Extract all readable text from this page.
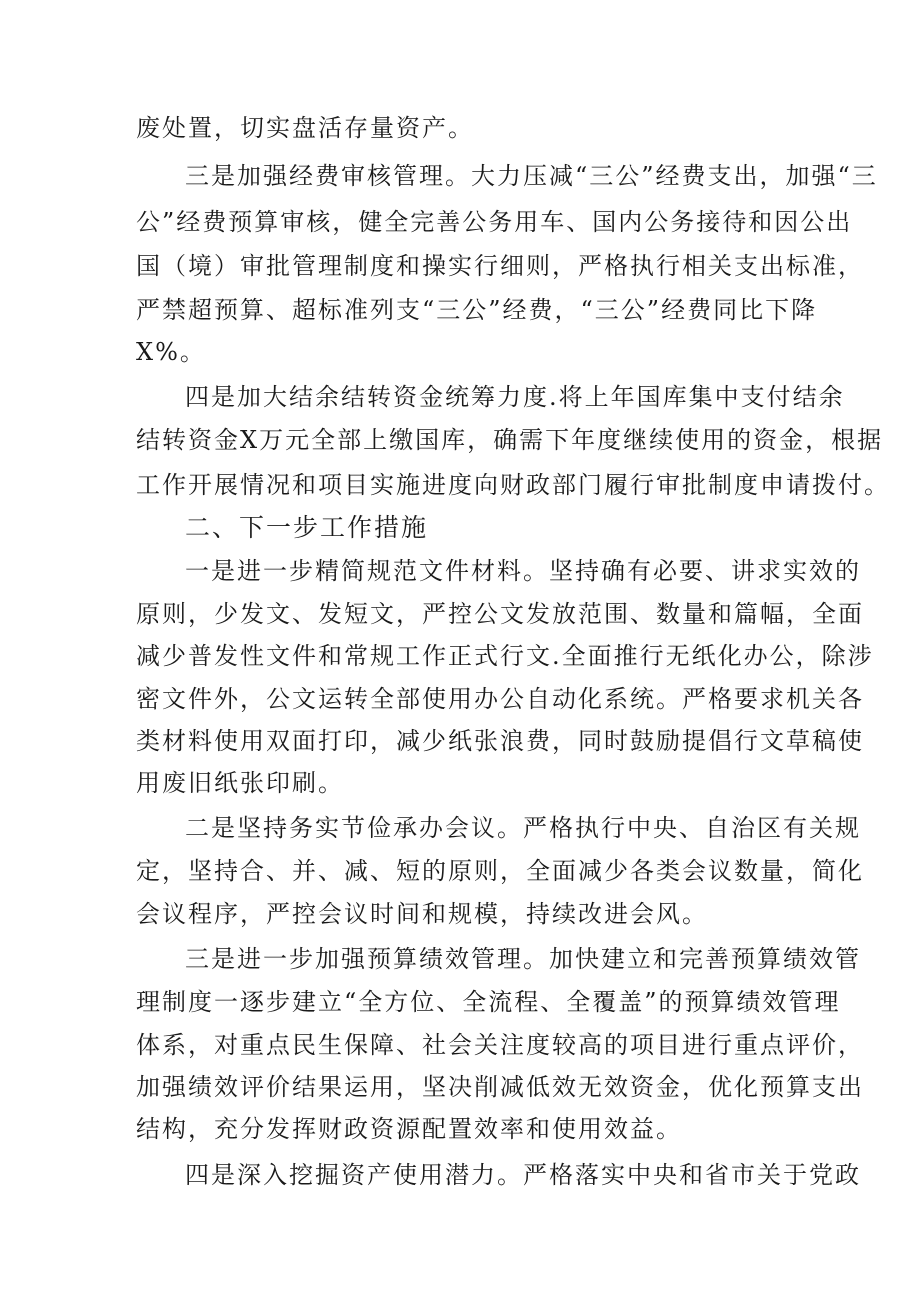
废处置，切实盘活存量资产。
三是加强经费审核管理。大力压减“三公”经费支出，加强“三
公”经费预算审核，健全完善公务用车、国内公务接待和因公出
国（境）审批管理制度和操实行细则，严格执行相关支出标准，
严禁超预算、超标准列支“三公”经费，“三公”经费同比下降
X%。
四是加大结余结转资金统筹力度.将上年国库集中支付结余
结转资金X万元全部上缴国库，确需下年度继续使用的资金，根据
工作开展情况和项目实施进度向财政部门履行审批制度申请拨付。
二、下一步工作措施
一是进一步精简规范文件材料。坚持确有必要、讲求实效的
原则，少发文、发短文，严控公文发放范围、数量和篇幅，全面
减少普发性文件和常规工作正式行文.全面推行无纸化办公，除涉
密文件外，公文运转全部使用办公自动化系统。严格要求机关各
类材料使用双面打印，减少纸张浪费，同时鼓励提倡行文草稿使
用废旧纸张印刷。
二是坚持务实节俭承办会议。严格执行中央、自治区有关规
定，坚持合、并、减、短的原则，全面减少各类会议数量，简化
会议程序，严控会议时间和规模，持续改进会风。
三是进一步加强预算绩效管理。加快建立和完善预算绩效管
理制度一逐步建立“全方位、全流程、全覆盖”的预算绩效管理
体系，对重点民生保障、社会关注度较高的项目进行重点评价，
加强绩效评价结果运用，坚决削减低效无效资金，优化预算支出
结构，充分发挥财政资源配置效率和使用效益。
四是深入挖掘资产使用潜力。严格落实中央和省市关于党政
